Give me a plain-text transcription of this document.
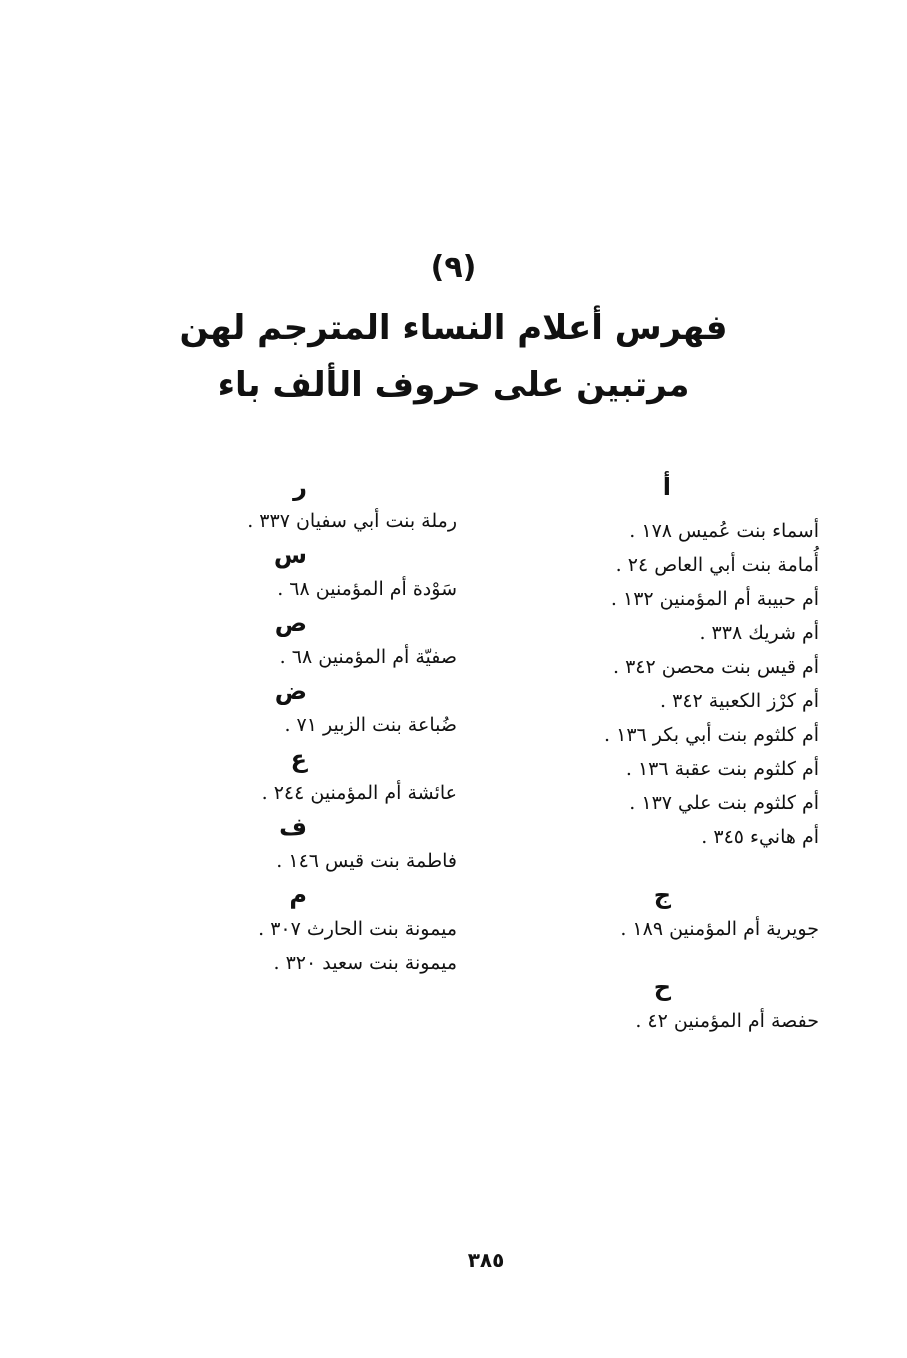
(٩)
فهرس أعلام النساء المترجم لهن
مرتبين على حروف الألف باء
أ
أسماء بنت عُميس ١٧٨ .
أُمامة بنت أبي العاص ٢٤ .
أم حبيبة أم المؤمنين ١٣٢ .
أم شريك ٣٣٨ .
أم قيس بنت محصن ٣٤٢ .
أم كرْز الكعبية ٣٤٢ .
أم كلثوم بنت أبي بكر ١٣٦ .
أم كلثوم بنت عقبة ١٣٦ .
أم كلثوم بنت علي ١٣٧ .
أم هانيء ٣٤٥ .
ج
جويرية أم المؤمنين ١٨٩ .
ح
حفصة أم المؤمنين ٤٢ .
ر
رملة بنت أبي سفيان ٣٣٧ .
س
سَوْدة أم المؤمنين ٦٨ .
ص
صفيّة أم المؤمنين ٦٨ .
ض
ضُباعة بنت الزبير ٧١ .
ع
عائشة أم المؤمنين ٢٤٤ .
ف
فاطمة بنت قيس ١٤٦ .
م
ميمونة بنت الحارث ٣٠٧ .
ميمونة بنت سعيد ٣٢٠ .
٣٨٥
